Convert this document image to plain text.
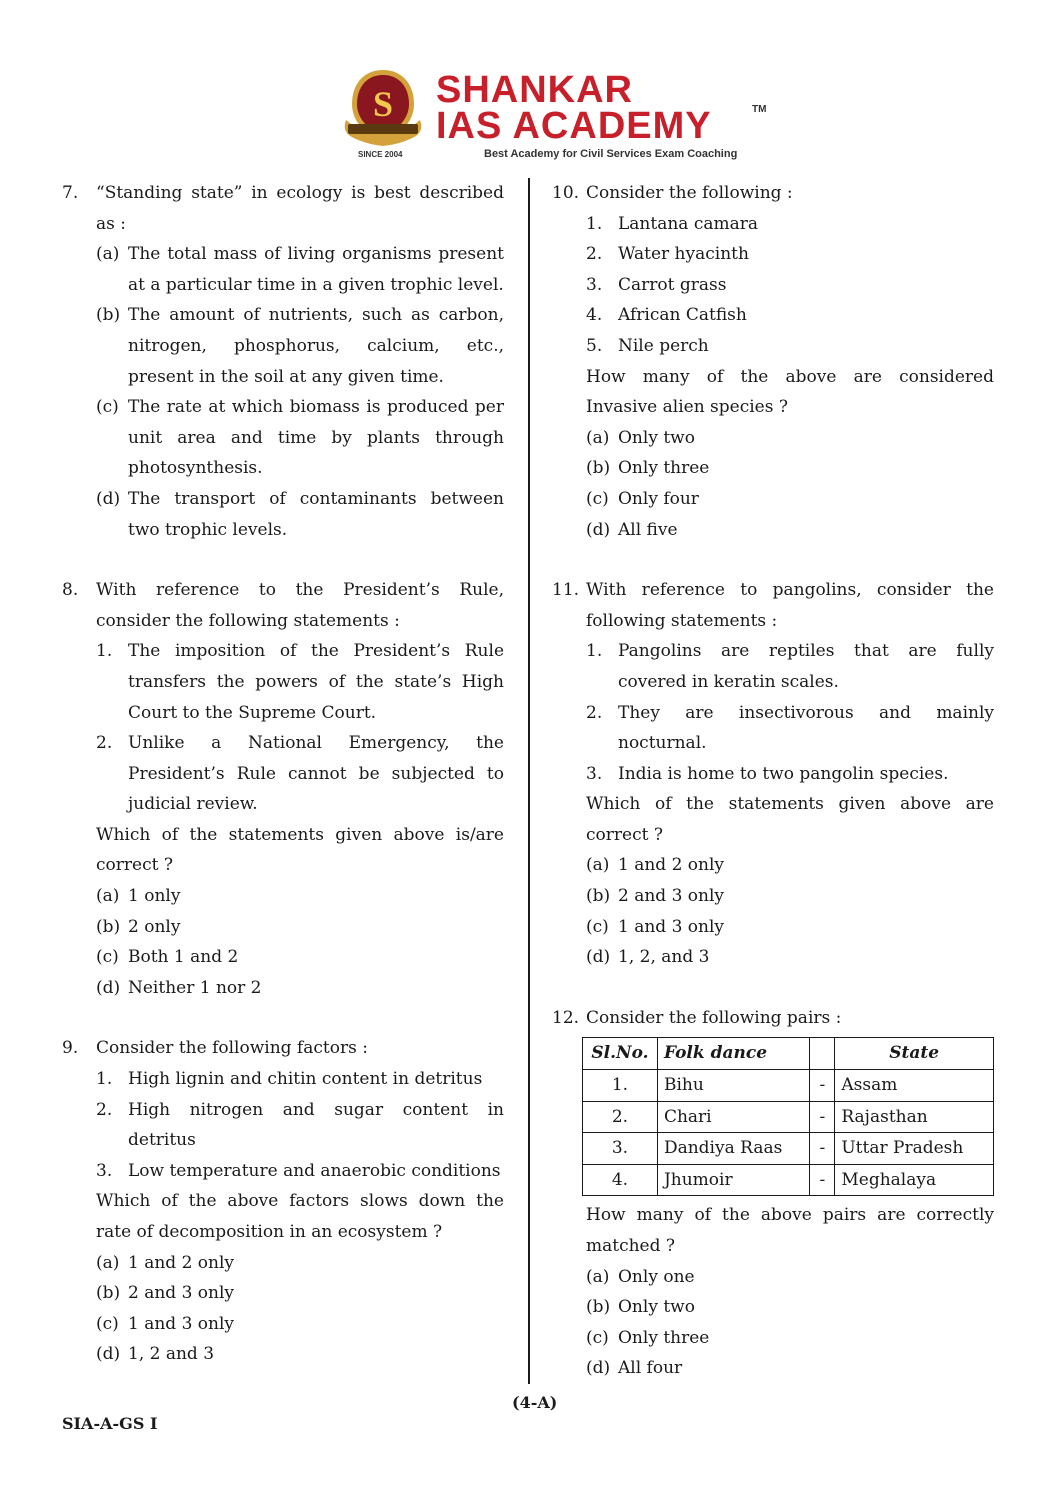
S
SINCE 2004
SHANKAR
IAS ACADEMY	TM
Best Academy for Civil Services Exam Coaching
7.	“Standing state” in ecology is best described as :
(a) The total mass of living organisms present at a particular time in a given trophic level.
(b) The amount of nutrients, such as carbon, nitrogen, phosphorus, calcium, etc., present in the soil at any given time.
(c) The rate at which biomass is produced per unit area and time by plants through photosynthesis.
(d) The transport of contaminants between two trophic levels.
8.	With reference to the President’s Rule, consider the following statements :
1. The imposition of the President’s Rule transfers the powers of the state’s High Court to the Supreme Court.
2. Unlike a National Emergency, the President’s Rule cannot be subjected to judicial review.
Which of the statements given above is/are correct ?
(a) 1 only
(b) 2 only
(c) Both 1 and 2
(d) Neither 1 nor 2
9.	Consider the following factors :
1. High lignin and chitin content in detritus
2. High nitrogen and sugar content in detritus
3. Low temperature and anaerobic conditions
Which of the above factors slows down the rate of decomposition in an ecosystem ?
(a) 1 and 2 only
(b) 2 and 3 only
(c) 1 and 3 only
(d) 1, 2 and 3
10. Consider the following :
1. Lantana camara
2. Water hyacinth
3. Carrot grass
4. African Catfish
5. Nile perch
How many of the above are considered Invasive alien species ?
(a) Only two
(b) Only three
(c) Only four
(d) All five
11. With reference to pangolins, consider the following statements :
1. Pangolins are reptiles that are fully covered in keratin scales.
2. They are insectivorous and mainly nocturnal.
3. India is home to two pangolin species.
Which of the statements given above are correct ?
(a) 1 and 2 only
(b) 2 and 3 only
(c) 1 and 3 only
(d) 1, 2, and 3
12. Consider the following pairs :
Sl.No.	Folk dance		State
1.	Bihu	-	Assam
2.	Chari	-	Rajasthan
3.	Dandiya Raas	-	Uttar Pradesh
4.	Jhumoir	-	Meghalaya
How many of the above pairs are correctly matched ?
(a) Only one
(b) Only two
(c) Only three
(d) All four
(4-A)
SIA-A-GS I
